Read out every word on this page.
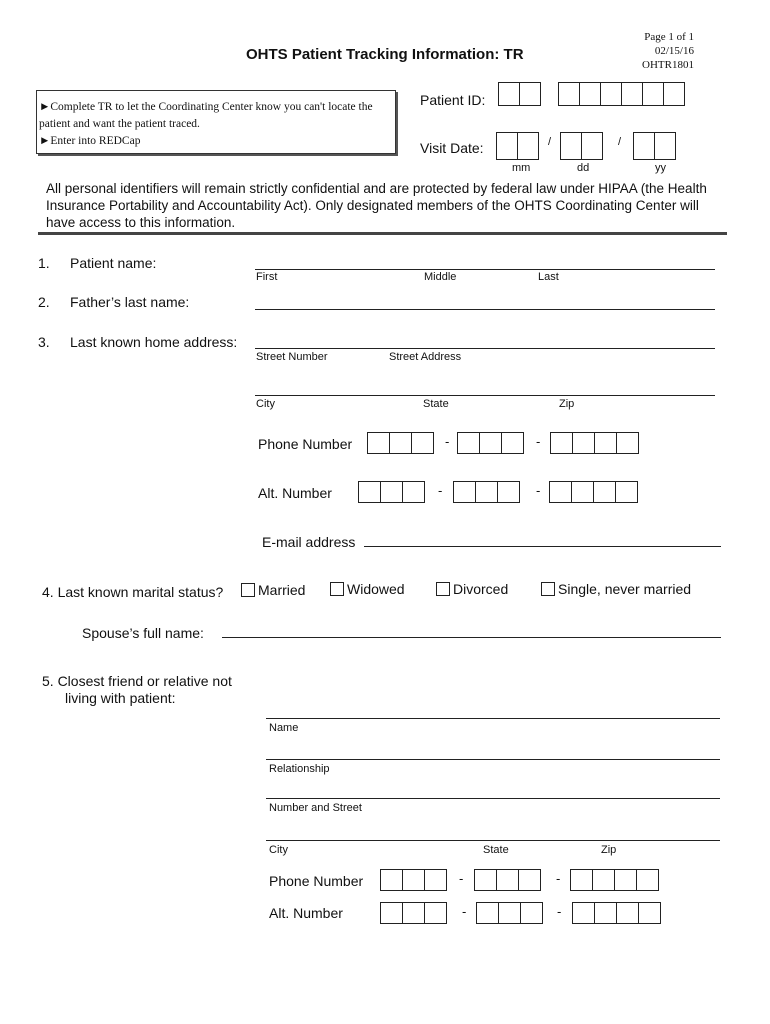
Page 1 of 1
02/15/16
OHTR1801
OHTS Patient Tracking Information: TR
►Complete TR to let the Coordinating Center know you can't locate the patient and want the patient traced.
►Enter into REDCap
Patient ID:
Visit Date:	/	/
mm	dd	yy
All personal identifiers will remain strictly confidential and are protected by federal law under HIPAA (the Health Insurance Portability and Accountability Act). Only designated members of the OHTS Coordinating Center will have access to this information.
1. Patient name:
First	Middle	Last
2. Father’s last name:
3. Last known home address:
Street Number	Street Address
City	State	Zip
Phone Number	-	-
Alt. Number	-	-
E-mail address
4. Last known marital status?	Married	Widowed	Divorced	Single, never married
Spouse’s full name:
5. Closest friend or relative not
living with patient:
Name
Relationship
Number and Street
City	State	Zip
Phone Number	-	-
Alt. Number	-	-
